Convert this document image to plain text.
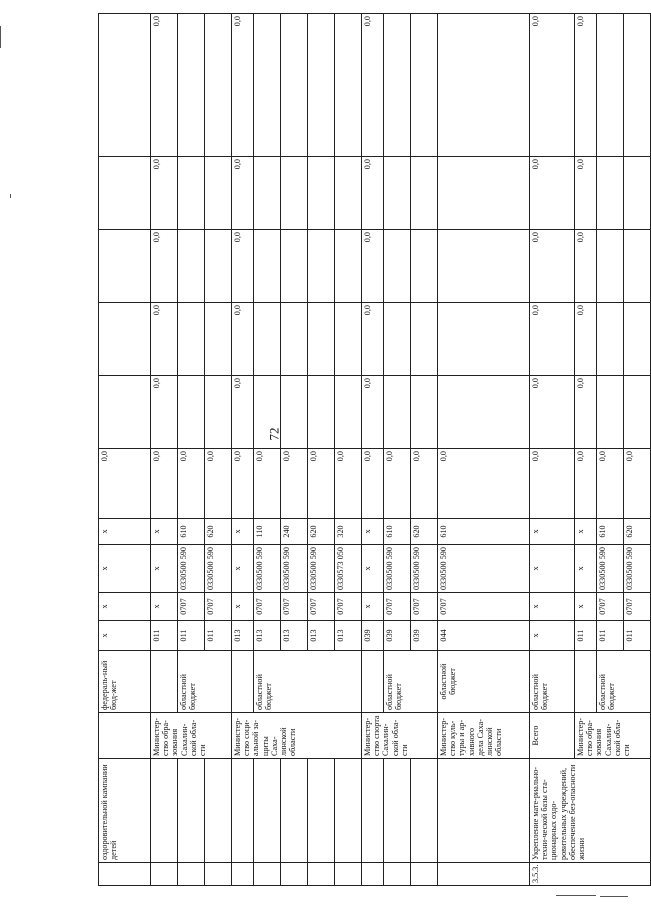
72
	оздоровительной кампании детей		федераль-ный бюд-жет	х	х	х	х	0,0					
		Министер-ство обра-зования Сахалин-ской обла-сти		011	х	х	х	0,0	0,0	0,0	0,0	0,0	0,0
			областной бюджет	011	0707	0330500 590	610	0,0					
				011	0707	0330500 590	620	0,0					
		Министер-ство соци-альной за-щиты Саха-линской области		013	х	х	х	0,0	0,0	0,0	0,0	0,0	0,0
			областной бюджет	013	0707	0330500 590	110	0,0					
				013	0707	0330500 590	240	0,0					
				013	0707	0330500 590	620	0,0					
				013	0707	0330573 050	320	0,0					
		Министер-ство спорта Сахалин-ской обла-сти		039	х	х	х	0,0	0,0	0,0	0,0	0,0	0,0
			областной бюджет	039	0707	0330500 590	610	0,0					
				039	0707	0330500 590	620	0,0					
		Министер-ство куль-туры и ар-хивного дела Саха-линской области	областной бюджет	044	0707	0330500 590	610	0,0					
3.5.3.	Укрепление мате-риально- техни-ческой базы ста-ционарных оздо-ровительных учреждений, обеспечение без-опасности жизни	Всего	областной бюджет	х	х	х	х	0,0	0,0	0,0	0,0	0,0	0,0
		Министер-ство обра-зования Сахалин-ской обла-сти		011	х	х	х	0,0	0,0	0,0	0,0	0,0	0,0
			областной бюджет	011	0707	0330500 590	610	0,0					
				011	0707	0330500 590	620	0,0					
